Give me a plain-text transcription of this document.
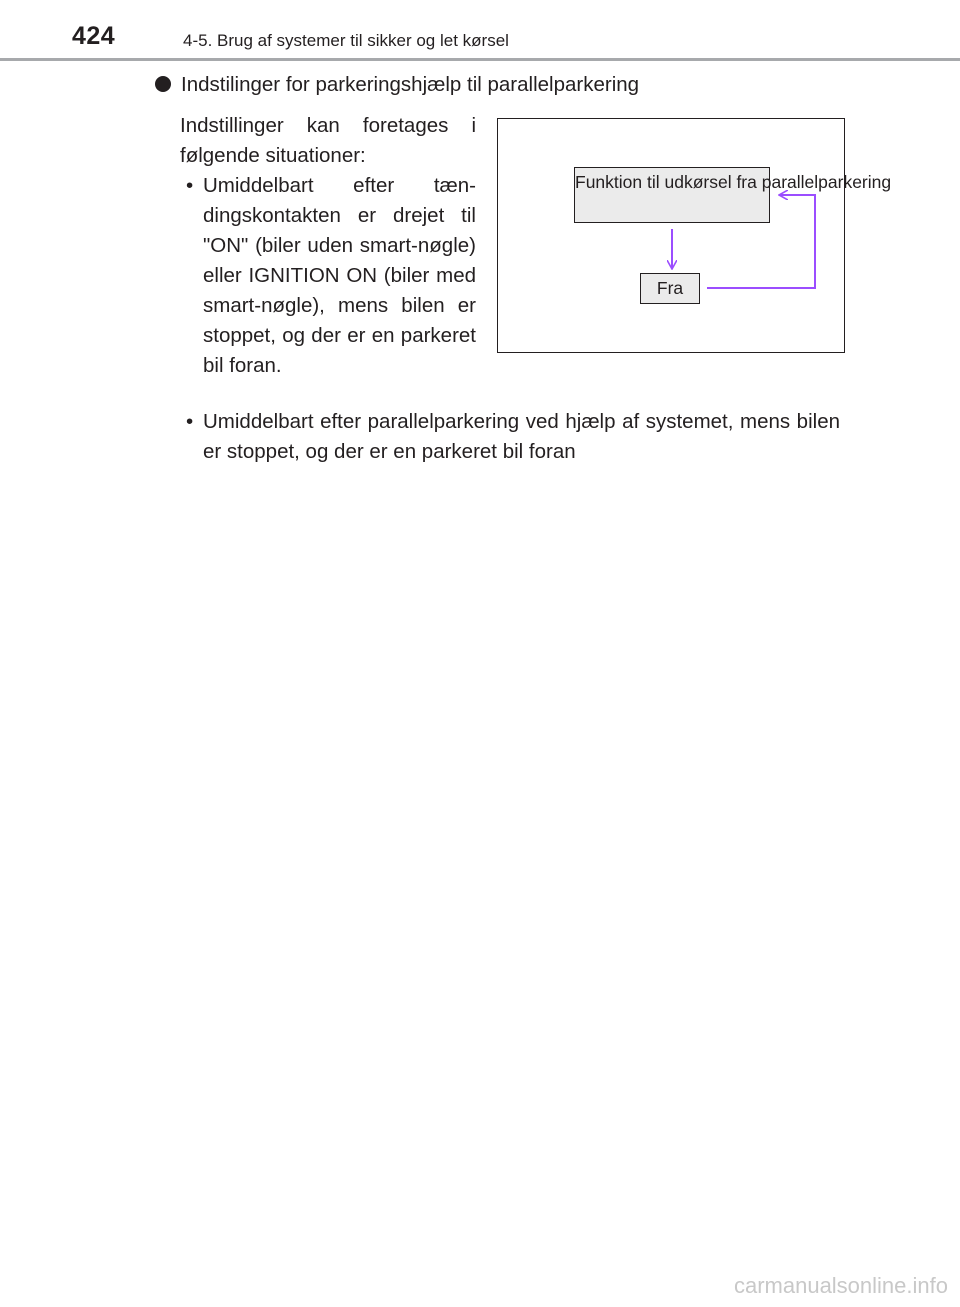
424	4-5. Brug af systemer til sikker og let kørsel
Indstilinger for parkeringshjælp til parallelparkering
Indstillinger kan foretages i følgende situationer:
• Umiddelbart efter tæn-dingskontakten er drejet til "ON" (biler uden smart-nøgle) eller IGNITION ON (biler med smart-nøgle), mens bilen er stoppet, og der er en parkeret bil foran.
• Umiddelbart efter parallelparkering ved hjælp af systemet, mens bilen er stoppet, og der er en parkeret bil foran
Funktion til udkørsel fra parallelparkering
Fra
carmanualsonline.info
